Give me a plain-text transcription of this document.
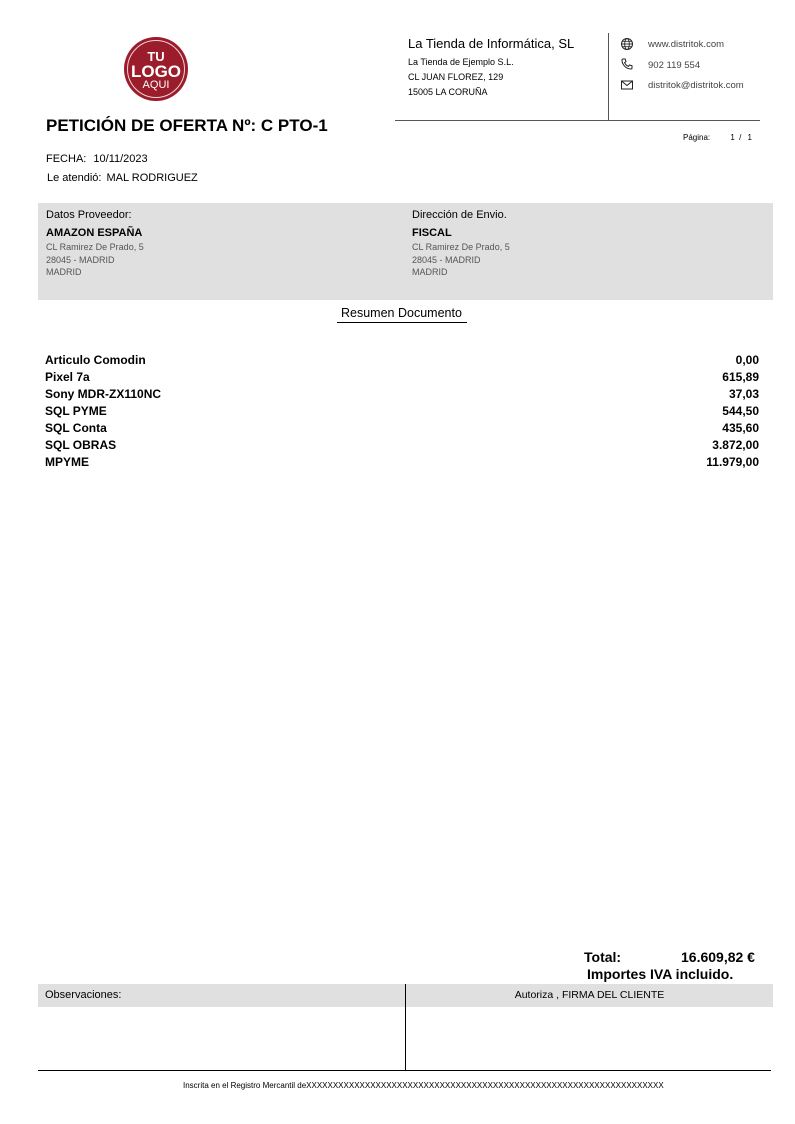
TU
LOGO
AQUI
PETICIÓN DE OFERTA Nº: C PTO-1
FECHA: 10/11/2023
Le atendió: MAL RODRIGUEZ
La Tienda de Informática, SL
La Tienda de Ejemplo S.L.
CL JUAN FLOREZ, 129
15005 LA CORUÑA
www.distritok.com
902 119 554
distritok@distritok.com
Página:	1 / 1
Datos Proveedor:
AMAZON ESPAÑA
CL Ramirez De Prado, 5
28045 - MADRID
MADRID
Dirección de Envio.
FISCAL
CL Ramirez De Prado, 5
28045 - MADRID
MADRID
Resumen Documento
Articulo Comodin	0,00
Pixel 7a	615,89
Sony MDR-ZX110NC	37,03
SQL PYME	544,50
SQL Conta	435,60
SQL OBRAS	3.872,00
MPYME	11.979,00
Total:	16.609,82 €
Importes IVA incluido.
Observaciones:	Autoriza , FIRMA DEL CLIENTE
Inscrita en el Registro Mercantil deXXXXXXXXXXXXXXXXXXXXXXXXXXXXXXXXXXXXXXXXXXXXXXXXXXXXXXXXXXXXXXXXXXX
